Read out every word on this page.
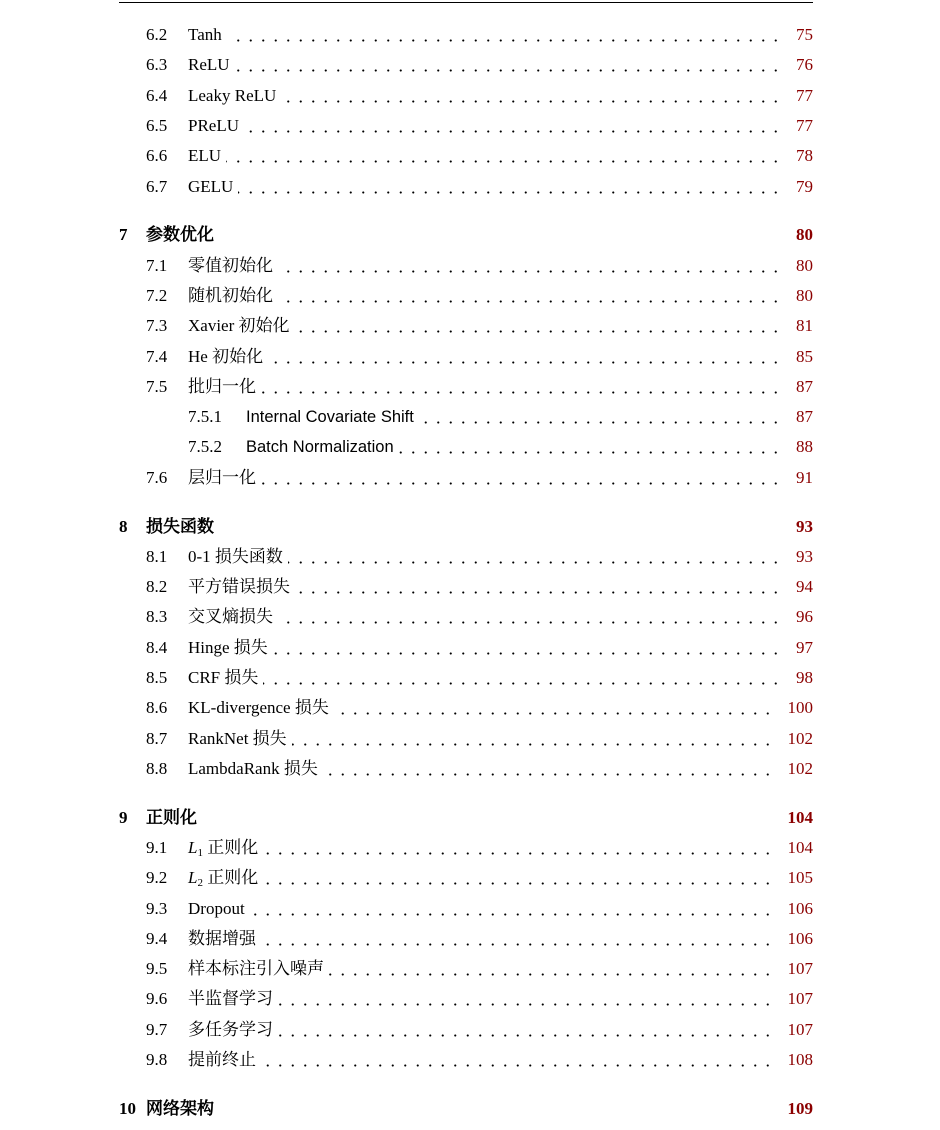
6.2 Tanh	75
6.3 ReLU	76
6.4 Leaky ReLU	77
6.5 PReLU	77
6.6 ELU	78
6.7 GELU	79
7 参数优化	80
7.1 零值初始化	80
7.2 随机初始化	80
7.3 Xavier 初始化	81
7.4 He 初始化	85
7.5 批归一化	87
7.5.1 Internal Covariate Shift	87
7.5.2 Batch Normalization	88
7.6 层归一化	91
8 损失函数	93
8.1 0-1 损失函数	93
8.2 平方错误损失	94
8.3 交叉熵损失	96
8.4 Hinge 损失	97
8.5 CRF 损失	98
8.6 KL-divergence 损失	100
8.7 RankNet 损失	102
8.8 LambdaRank 损失	102
9 正则化	104
9.1 $L_1$ 正则化	104
9.2 $L_2$ 正则化	105
9.3 Dropout	106
9.4 数据增强	106
9.5 样本标注引入噪声	107
9.6 半监督学习	107
9.7 多任务学习	107
9.8 提前终止	108
10 网络架构	109
